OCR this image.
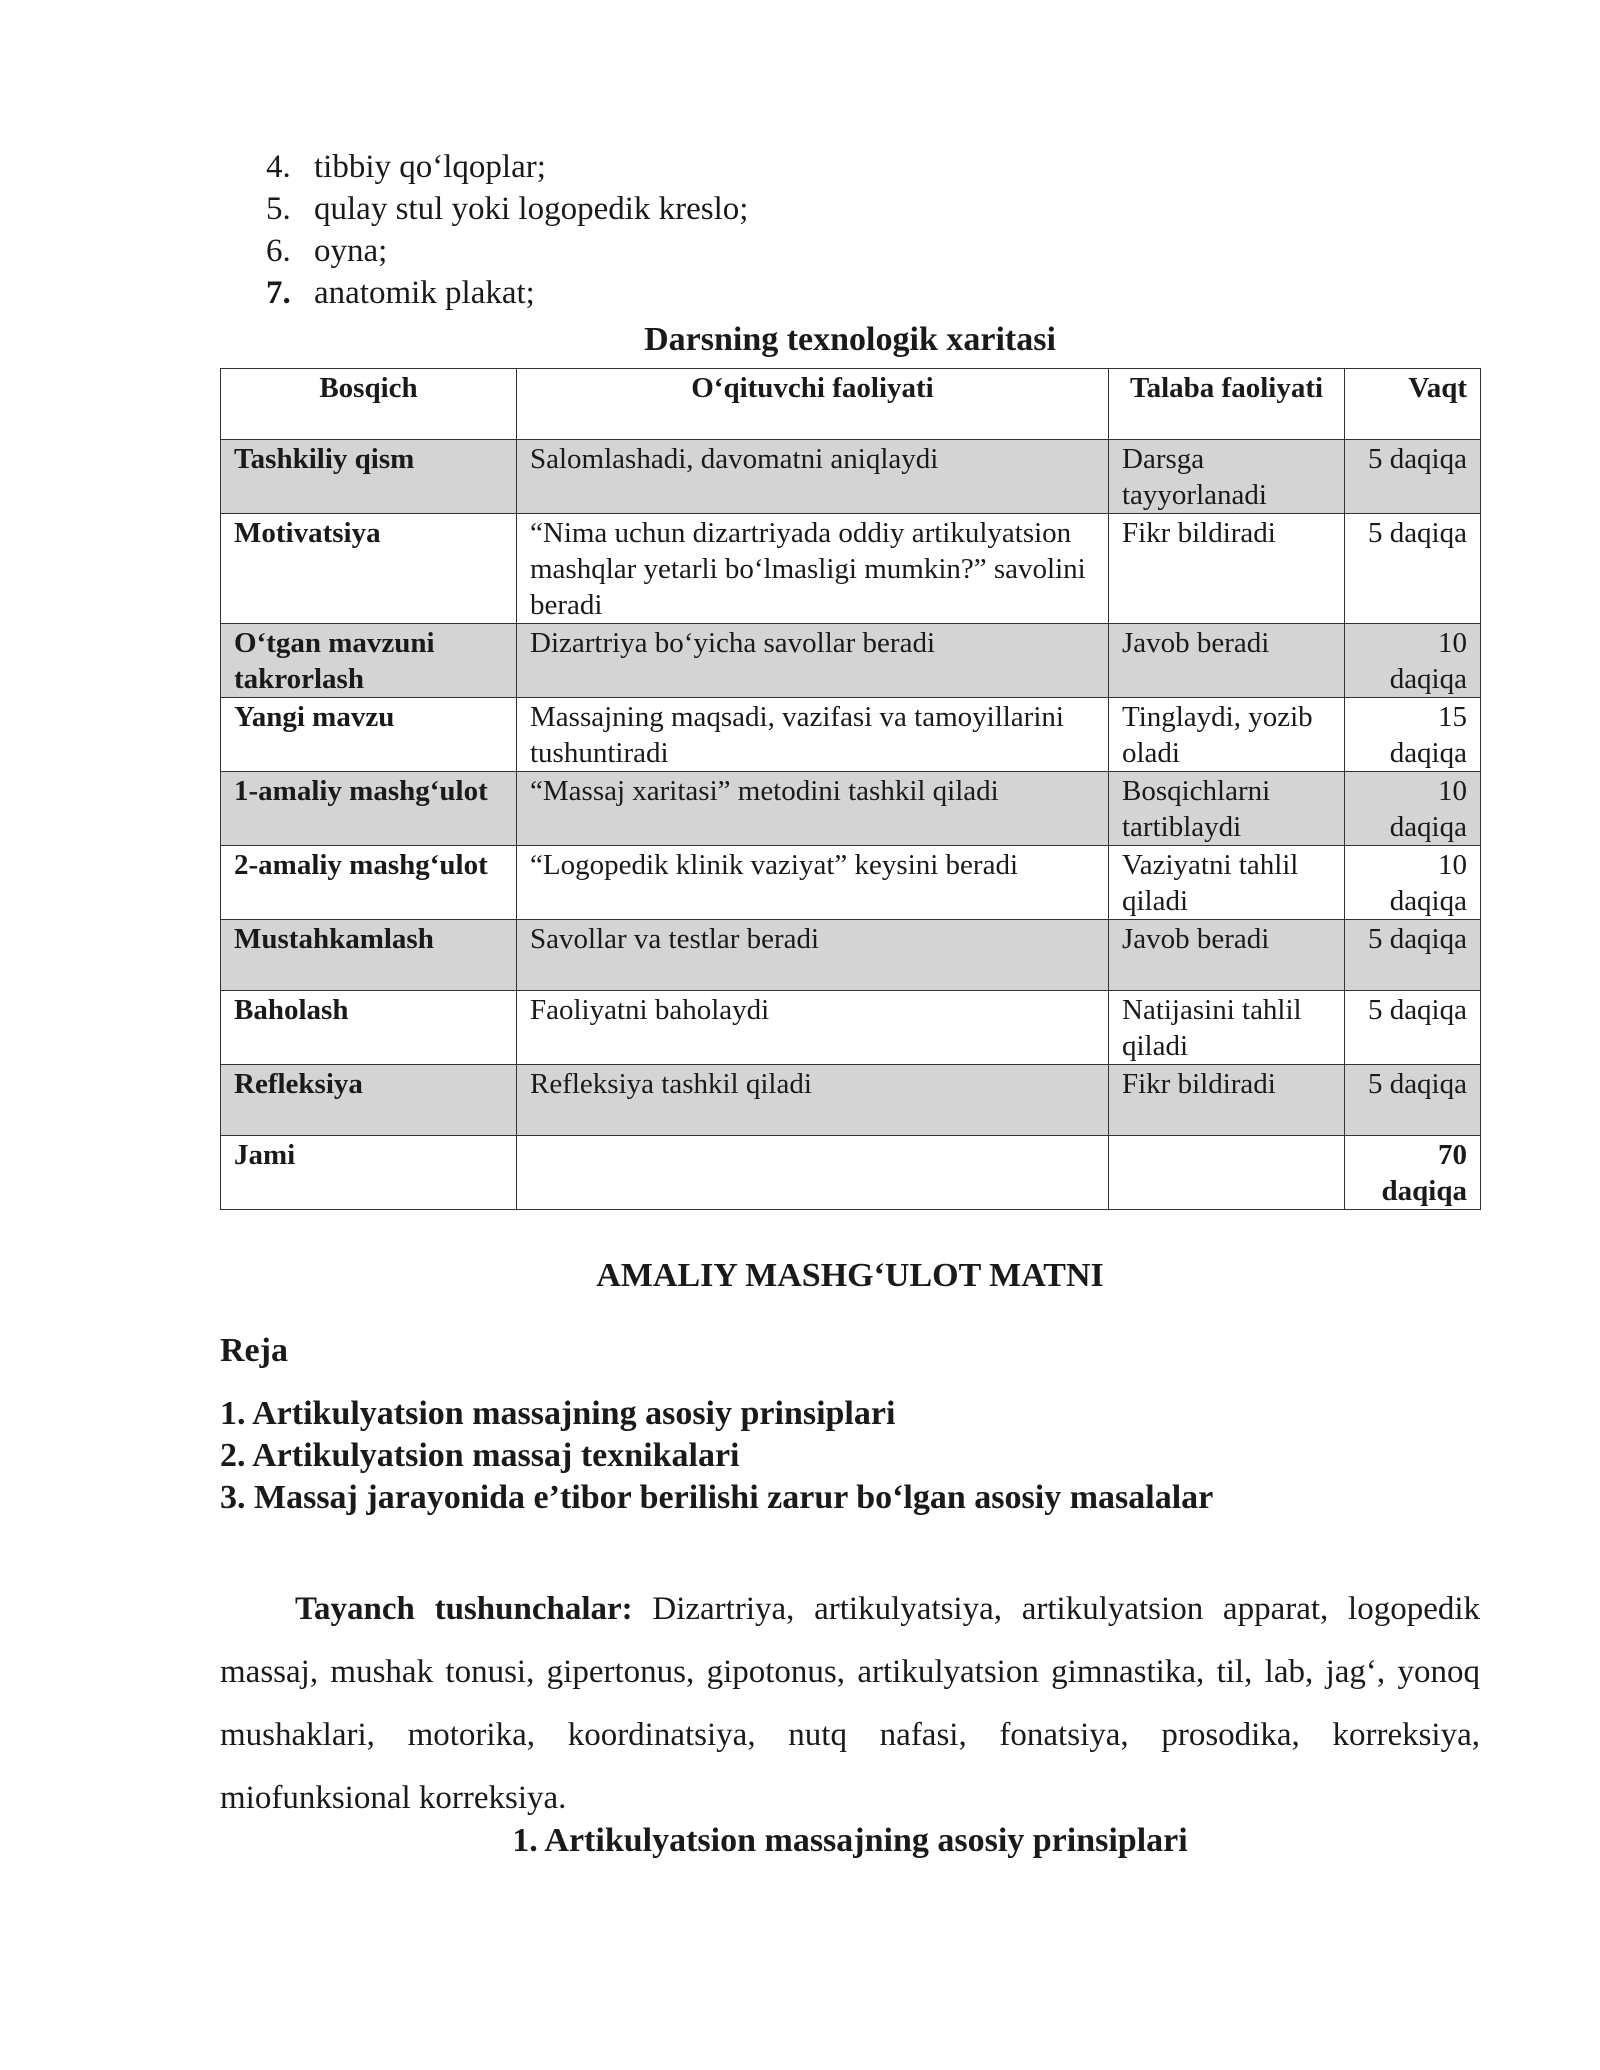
4. tibbiy qo‘lqoplar;
5. qulay stul yoki logopedik kreslo;
6. oyna;
7. anatomik plakat;
Darsning texnologik xaritasi
Bosqich	O‘qituvchi faoliyati	Talaba faoliyati	Vaqt
Tashkiliy qism	Salomlashadi, davomatni aniqlaydi	Darsga tayyorlanadi	5 daqiqa
Motivatsiya	“Nima uchun dizartriyada oddiy artikulyatsion mashqlar yetarli bo‘lmasligi mumkin?” savolini beradi	Fikr bildiradi	5 daqiqa
O‘tgan mavzuni takrorlash	Dizartriya bo‘yicha savollar beradi	Javob beradi	10 daqiqa
Yangi mavzu	Massajning maqsadi, vazifasi va tamoyillarini tushuntiradi	Tinglaydi, yozib oladi	15 daqiqa
1-amaliy mashg‘ulot	“Massaj xaritasi” metodini tashkil qiladi	Bosqichlarni tartiblaydi	10 daqiqa
2-amaliy mashg‘ulot	“Logopedik klinik vaziyat” keysini beradi	Vaziyatni tahlil qiladi	10 daqiqa
Mustahkamlash	Savollar va testlar beradi	Javob beradi	5 daqiqa
Baholash	Faoliyatni baholaydi	Natijasini tahlil qiladi	5 daqiqa
Refleksiya	Refleksiya tashkil qiladi	Fikr bildiradi	5 daqiqa
Jami			70 daqiqa
AMALIY MASHG‘ULOT MATNI
Reja
1. Artikulyatsion massajning asosiy prinsiplari
2. Artikulyatsion massaj texnikalari
3. Massaj jarayonida e’tibor berilishi zarur bo‘lgan asosiy masalalar

Tayanch tushunchalar: Dizartriya, artikulyatsiya, artikulyatsion apparat, logopedik massaj, mushak tonusi, gipertonus, gipotonus, artikulyatsion gimnastika, til, lab, jag‘, yonoq mushaklari, motorika, koordinatsiya, nutq nafasi, fonatsiya, prosodika, korreksiya, miofunksional korreksiya.

1. Artikulyatsion massajning asosiy prinsiplari
